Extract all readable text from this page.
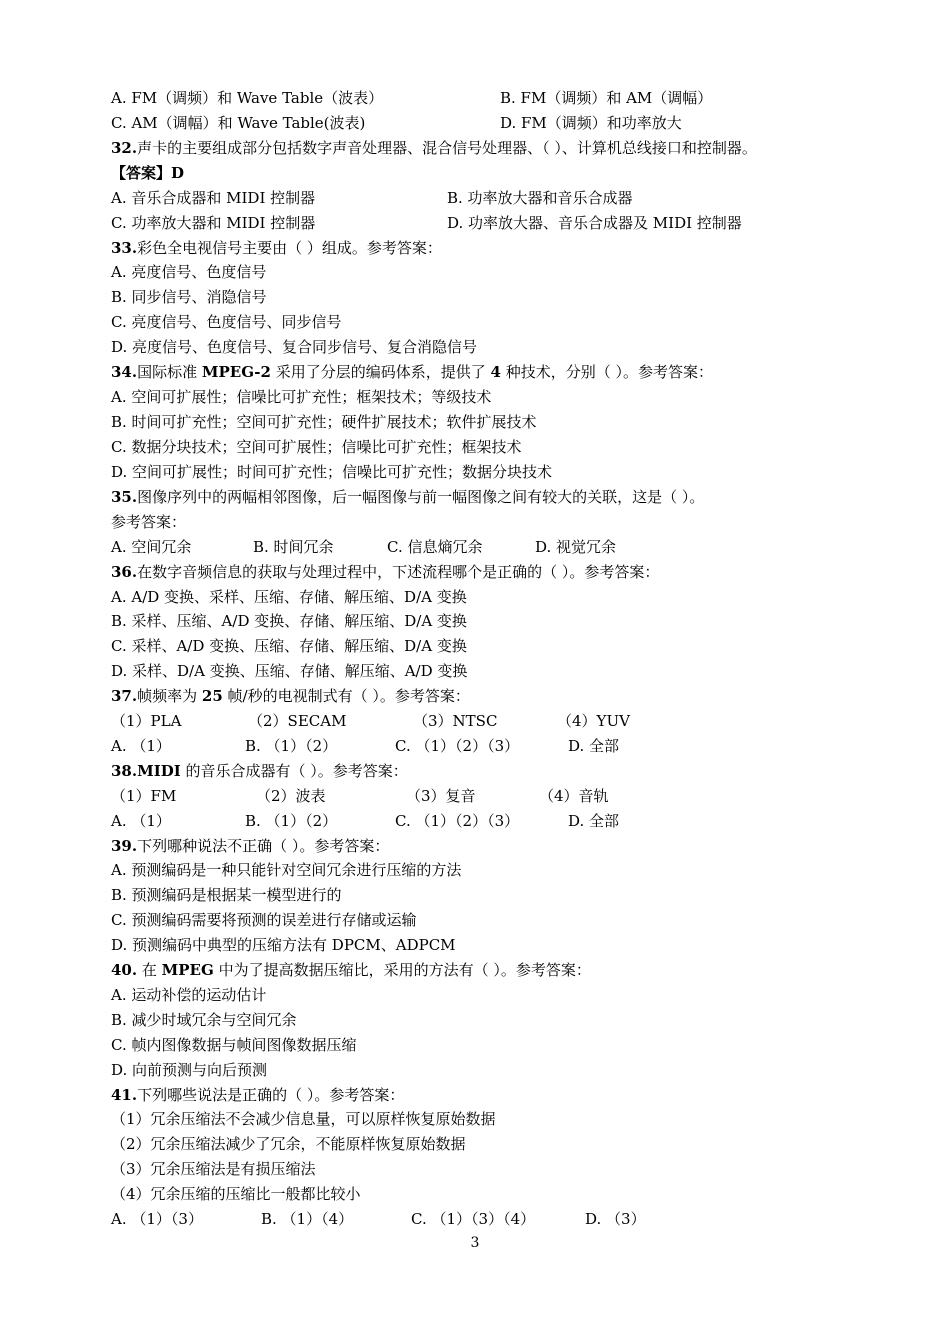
A. FM（调频）和 Wave Table（波表）	B. FM（调频）和 AM（调幅）
C. AM（调幅）和 Wave Table(波表)	D. FM（调频）和功率放大
32.声卡的主要组成部分包括数字声音处理器、混合信号处理器、（ ）、计算机总线接口和控制器。
【答案】D
A. 音乐合成器和 MIDI 控制器	B. 功率放大器和音乐合成器
C. 功率放大器和 MIDI 控制器	D. 功率放大器、音乐合成器及 MIDI 控制器
33.彩色全电视信号主要由（ ）组成。参考答案：
A. 亮度信号、色度信号
B. 同步信号、消隐信号
C. 亮度信号、色度信号、同步信号
D. 亮度信号、色度信号、复合同步信号、复合消隐信号
34.国际标准 MPEG-2 采用了分层的编码体系，提供了 4 种技术，分别（ ）。参考答案：
A. 空间可扩展性；信噪比可扩充性；框架技术；等级技术
B. 时间可扩充性；空间可扩充性；硬件扩展技术；软件扩展技术
C. 数据分块技术；空间可扩展性；信噪比可扩充性；框架技术
D. 空间可扩展性；时间可扩充性；信噪比可扩充性；数据分块技术
35.图像序列中的两幅相邻图像，后一幅图像与前一幅图像之间有较大的关联，这是（ ）。
参考答案：
A. 空间冗余	B. 时间冗余	C. 信息熵冗余	D. 视觉冗余
36.在数字音频信息的获取与处理过程中，下述流程哪个是正确的（ ）。参考答案：
A. A/D 变换、采样、压缩、存储、解压缩、D/A 变换
B. 采样、压缩、A/D 变换、存储、解压缩、D/A 变换
C. 采样、A/D 变换、压缩、存储、解压缩、D/A 变换
D. 采样、D/A 变换、压缩、存储、解压缩、A/D 变换
37.帧频率为 25 帧/秒的电视制式有（ ）。参考答案：
（1）PLA	（2）SECAM	（3）NTSC	（4）YUV
A. （1）	B. （1）（2）	C. （1）（2）（3）	D. 全部
38.MIDI 的音乐合成器有（ ）。参考答案：
（1）FM	（2）波表	（3）复音	（4）音轨
A. （1）	B. （1）（2）	C. （1）（2）（3）	D. 全部
39.下列哪种说法不正确（ ）。参考答案：
A. 预测编码是一种只能针对空间冗余进行压缩的方法
B. 预测编码是根据某一模型进行的
C. 预测编码需要将预测的误差进行存储或运输
D. 预测编码中典型的压缩方法有 DPCM、ADPCM
40. 在 MPEG 中为了提高数据压缩比，采用的方法有（ ）。参考答案：
A. 运动补偿的运动估计
B. 减少时域冗余与空间冗余
C. 帧内图像数据与帧间图像数据压缩
D. 向前预测与向后预测
41.下列哪些说法是正确的（ ）。参考答案：
（1）冗余压缩法不会减少信息量，可以原样恢复原始数据
（2）冗余压缩法减少了冗余，不能原样恢复原始数据
（3）冗余压缩法是有损压缩法
（4）冗余压缩的压缩比一般都比较小
A. （1）（3）	B. （1）（4）	C. （1）（3）（4）	D. （3）
3
